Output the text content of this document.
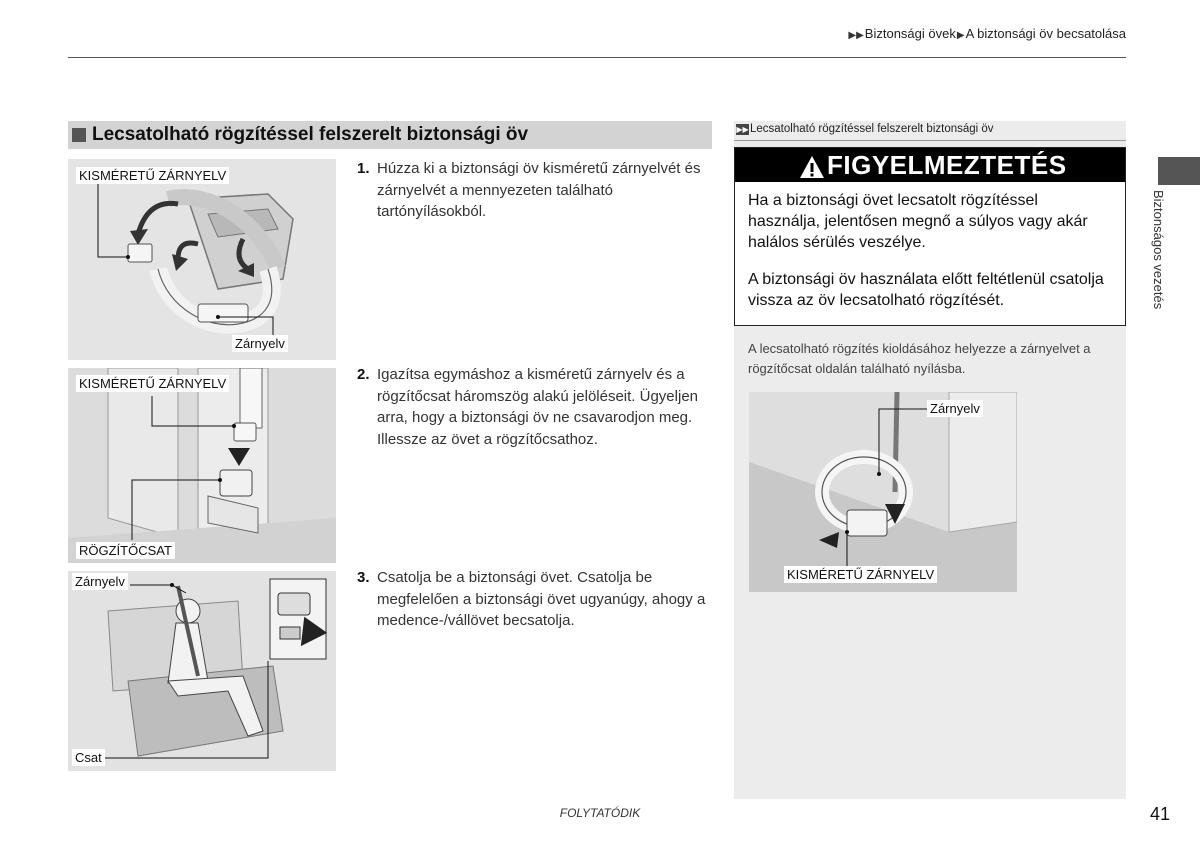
▶▶Biztonsági övek▶A biztonsági öv becsatolása
Lecsatolható rögzítéssel felszerelt biztonsági öv
KISMÉRETŰ ZÁRNYELV
Zárnyelv
KISMÉRETŰ ZÁRNYELV
RÖGZÍTŐCSAT
Zárnyelv
Csat
1. Húzza ki a biztonsági öv kisméretű zárnyelvét és zárnyelvét a mennyezeten található tartónyílásokból.
2. Igazítsa egymáshoz a kisméretű zárnyelv és a rögzítőcsat háromszög alakú jelöléseit. Ügyeljen arra, hogy a biztonsági öv ne csavarodjon meg. Illessze az övet a rögzítőcsathoz.
3. Csatolja be a biztonsági övet. Csatolja be megfelelően a biztonsági övet ugyanúgy, ahogy a medence-/vállövet becsatolja.
▶▶ Lecsatolható rögzítéssel felszerelt biztonsági öv
FIGYELMEZTETÉS
Ha a biztonsági övet lecsatolt rögzítéssel használja, jelentősen megnő a súlyos vagy akár halálos sérülés veszélye.
A biztonsági öv használata előtt feltétlenül csatolja vissza az öv lecsatolható rögzítését.
A lecsatolható rögzítés kioldásához helyezze a zárnyelvet a rögzítőcsat oldalán található nyílásba.
Zárnyelv
KISMÉRETŰ ZÁRNYELV
Biztonságos vezetés
FOLYTATÓDIK	41
